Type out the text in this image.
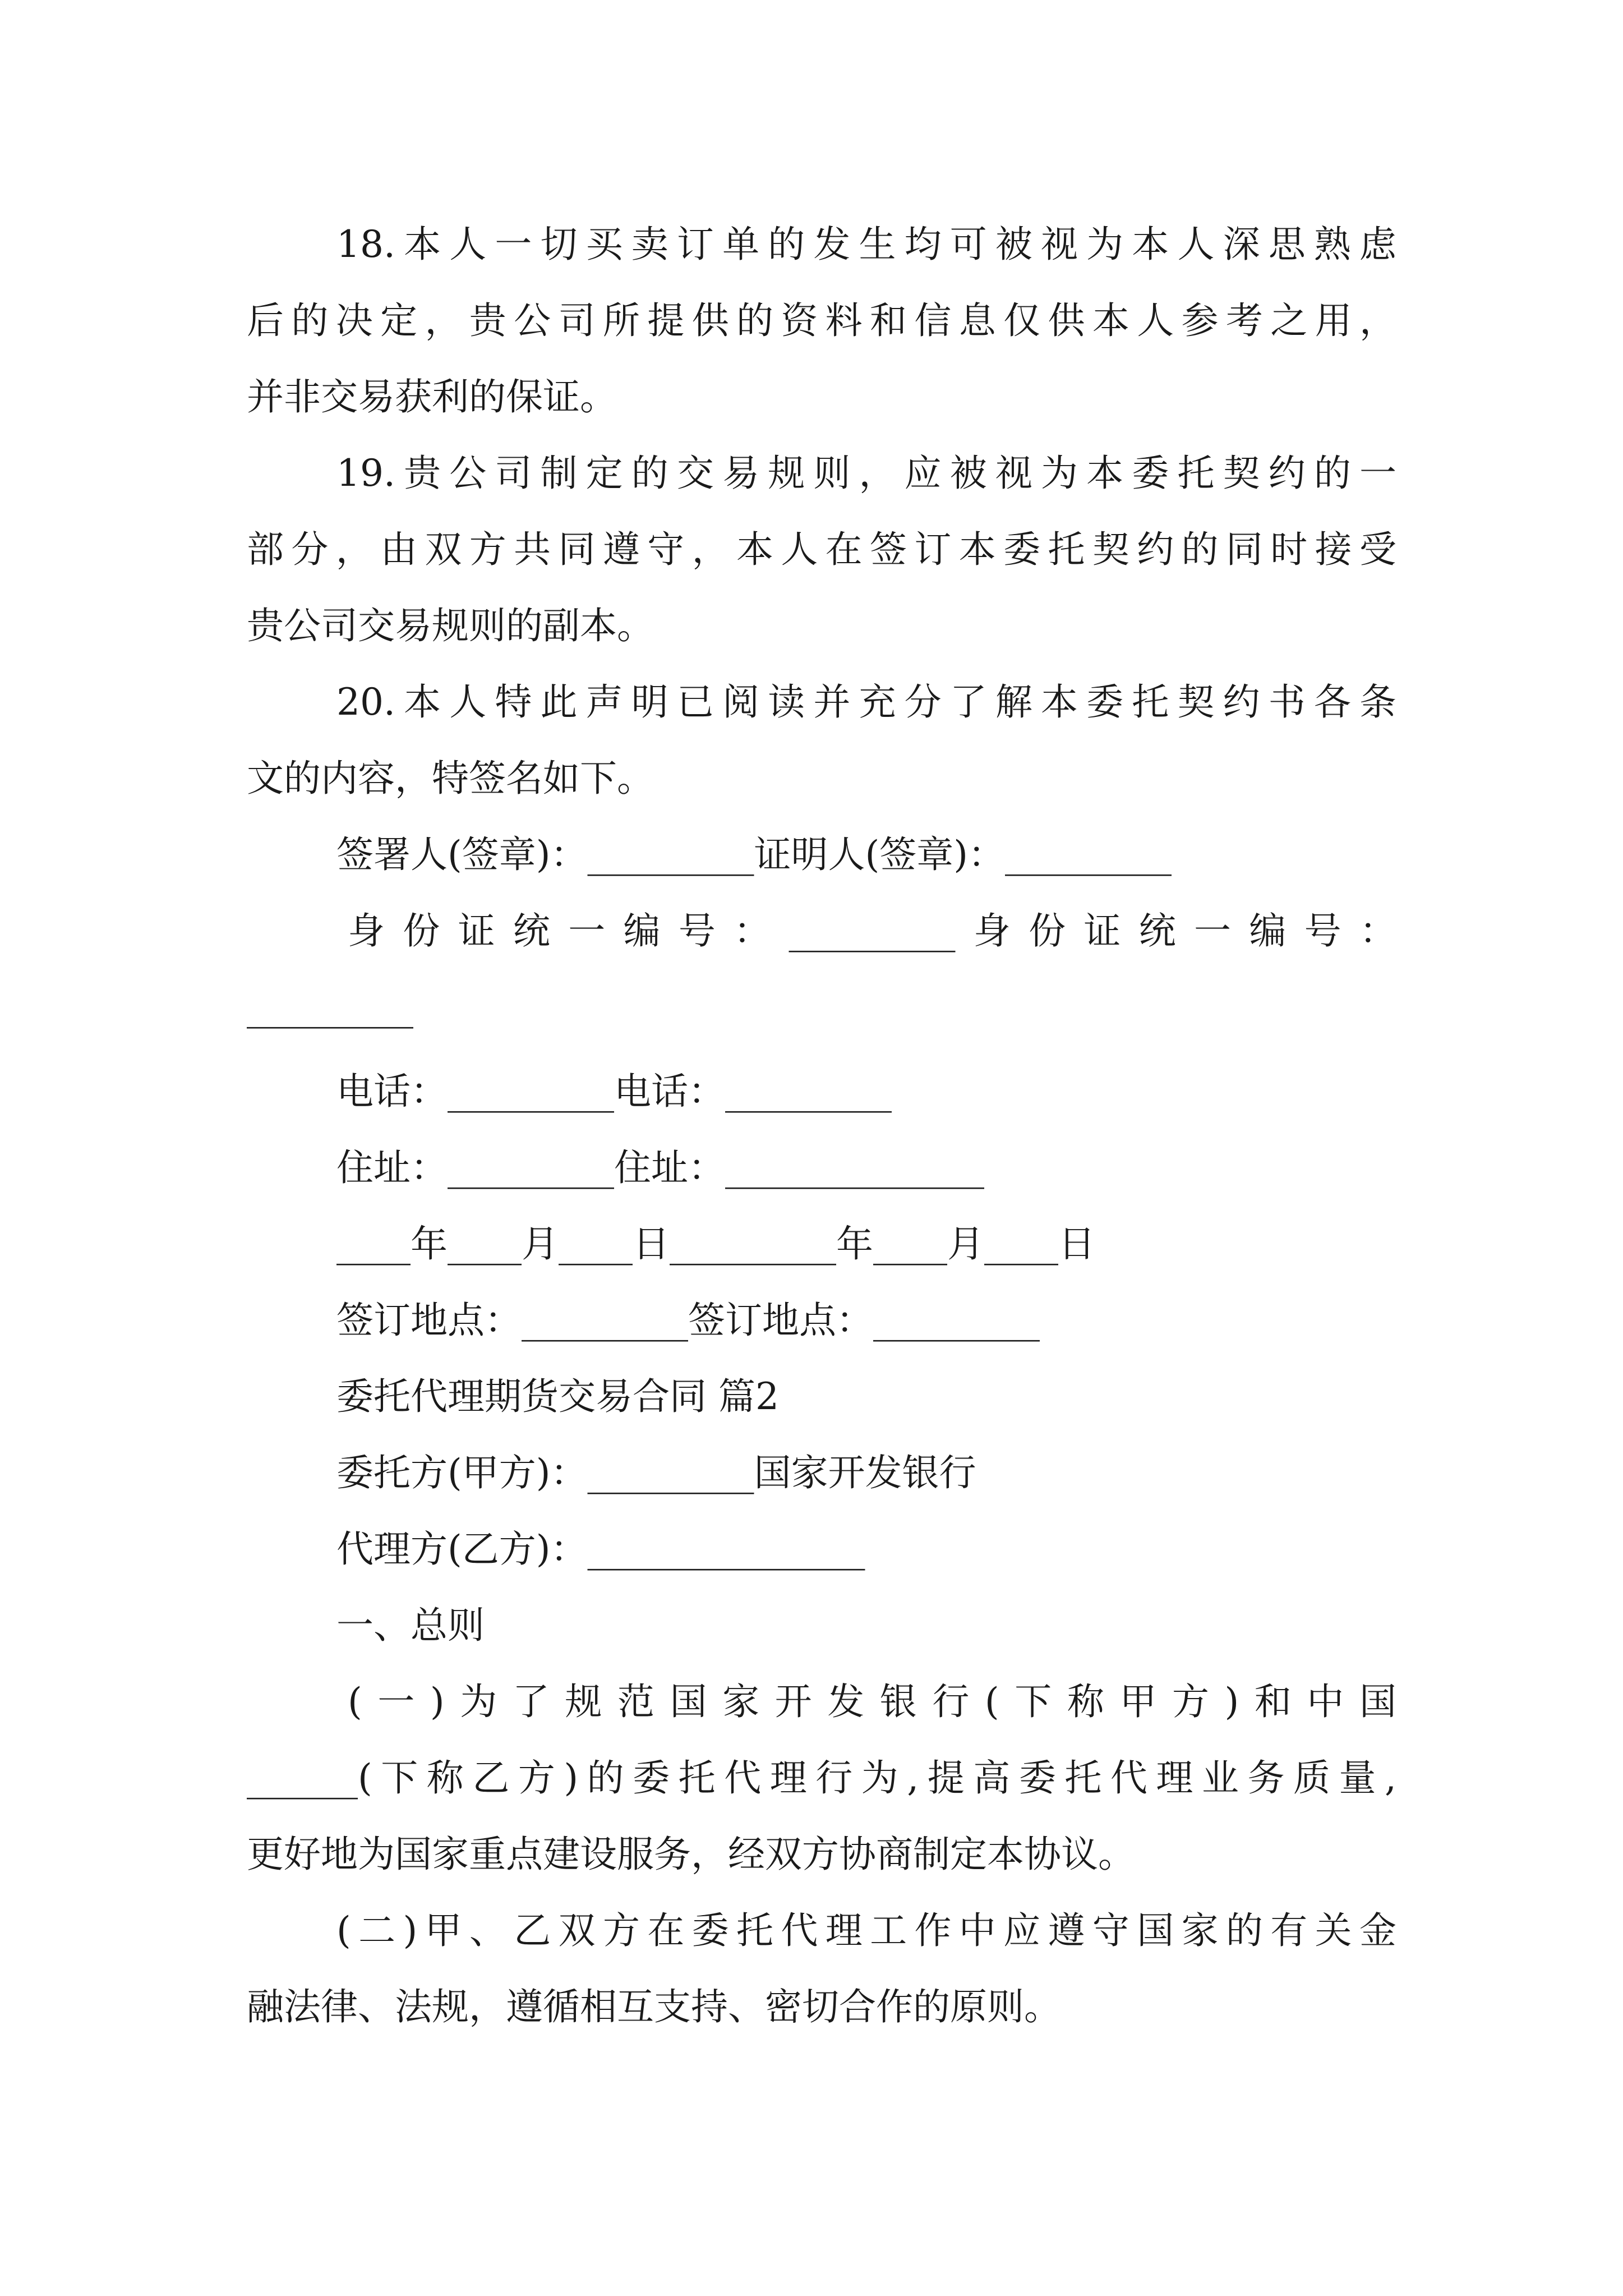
18.本人一切买卖订单的发生均可被视为本人深思熟虑
后的决定，贵公司所提供的资料和信息仅供本人参考之用，
并非交易获利的保证。
19.贵公司制定的交易规则，应被视为本委托契约的一
部分，由双方共同遵守，本人在签订本委托契约的同时接受
贵公司交易规则的副本。
20.本人特此声明已阅读并充分了解本委托契约书各条
文的内容，特签名如下。
签署人(签章)：_________证明人(签章)：_________
身份证统一编号：_________身份证统一编号：
_________
电话：_________电话：_________
住址：_________住址：______________
____年____月____日_________年____月____日
签订地点：_________签订地点：_________
委托代理期货交易合同 篇2
委托方(甲方)：_________国家开发银行
代理方(乙方)：_______________
一、总则
(一)为了规范国家开发银行(下称甲方)和中国
______(下称乙方)的委托代理行为,提高委托代理业务质量,
更好地为国家重点建设服务，经双方协商制定本协议。
(二)甲、乙双方在委托代理工作中应遵守国家的有关金
融法律、法规，遵循相互支持、密切合作的原则。
